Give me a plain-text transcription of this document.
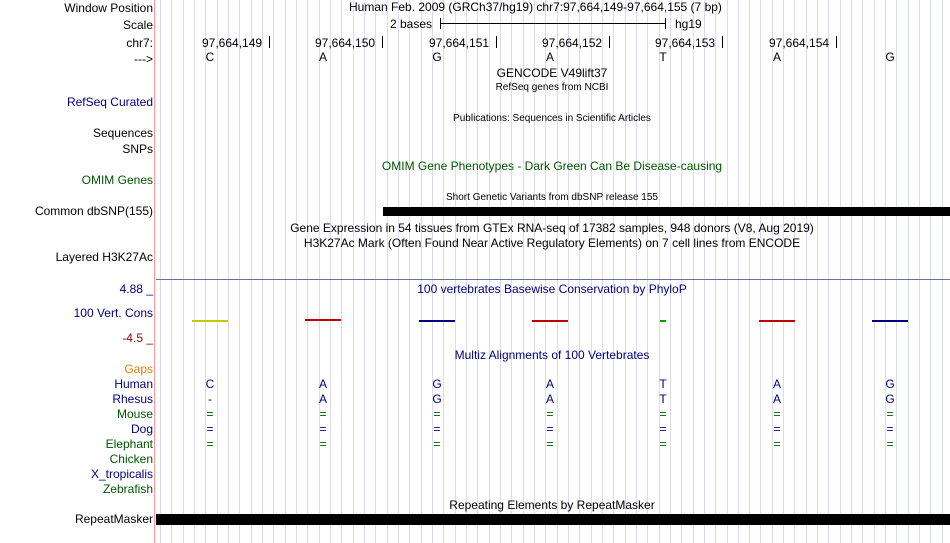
Window Position	Human Feb. 2009 (GRCh37/hg19) chr7:97,664,149-97,664,155 (7 bp)
Scale	2 bases	hg19
chr7:	97,664,149	97,664,150	97,664,151	97,664,152	97,664,153	97,664,154
--->	C	A	G	A	T	A	G
GENCODE V49lift37
RefSeq genes from NCBI
RefSeq Curated
Publications: Sequences in Scientific Articles
Sequences
SNPs
OMIM Gene Phenotypes - Dark Green Can Be Disease-causing
OMIM Genes
Short Genetic Variants from dbSNP release 155
Common dbSNP(155)
Gene Expression in 54 tissues from GTEx RNA-seq of 17382 samples, 948 donors (V8, Aug 2019)
H3K27Ac Mark (Often Found Near Active Regulatory Elements) on 7 cell lines from ENCODE
Layered H3K27Ac
4.88 _	100 vertebrates Basewise Conservation by PhyloP
100 Vert. Cons
-4.5 _
Multiz Alignments of 100 Vertebrates
Gaps
Human	C	A	G	A	T	A	G
Rhesus	-	A	G	A	T	A	G
Mouse	=	=	=	=	=	=	=
Dog	=	=	=	=	=	=	=
Elephant	=	=	=	=	=	=	=
Chicken
X_tropicalis
Zebrafish
Repeating Elements by RepeatMasker
RepeatMasker
